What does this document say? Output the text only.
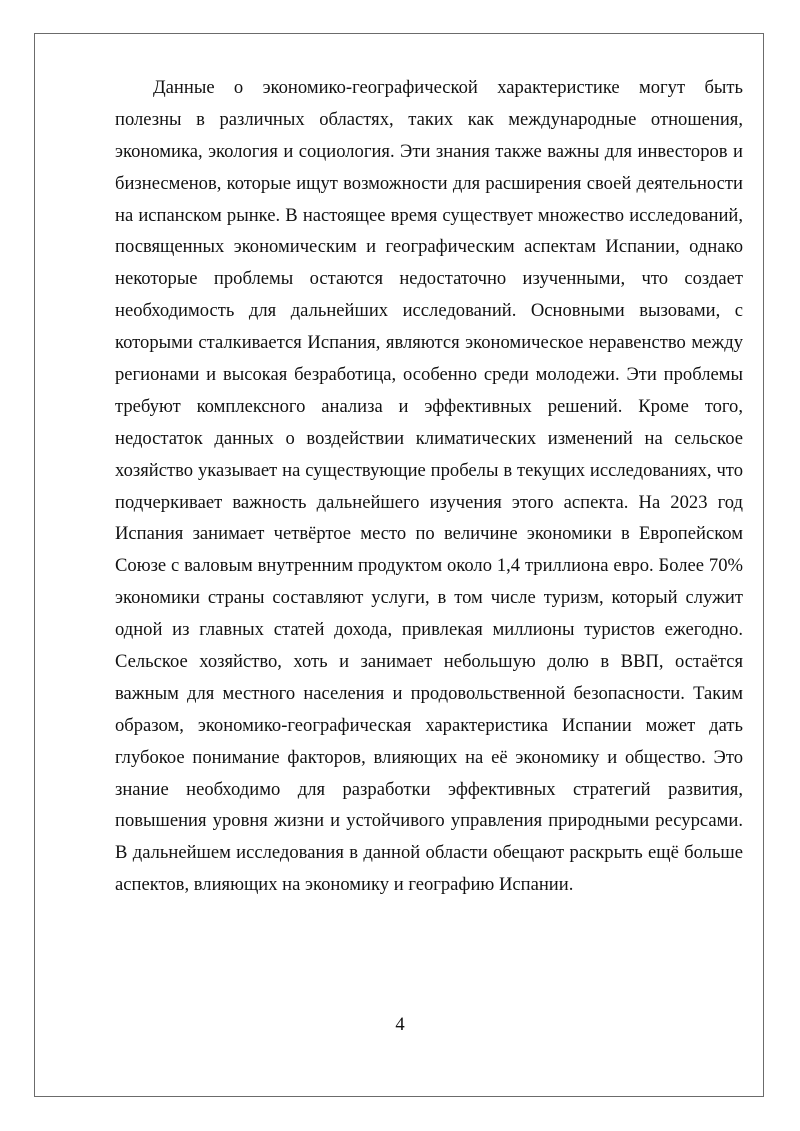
Данные о экономико-географической характеристике могут быть
полезны в различных областях, таких как международные отношения,
экономика, экология и социология. Эти знания также важны для инвесторов и
бизнесменов, которые ищут возможности для расширения своей деятельности
на испанском рынке. В настоящее время существует множество исследований,
посвященных экономическим и географическим аспектам Испании, однако
некоторые проблемы остаются недостаточно изученными, что создает
необходимость для дальнейших исследований. Основными вызовами, с
которыми сталкивается Испания, являются экономическое неравенство между
регионами и высокая безработица, особенно среди молодежи. Эти проблемы
требуют комплексного анализа и эффективных решений. Кроме того,
недостаток данных о воздействии климатических изменений на сельское
хозяйство указывает на существующие пробелы в текущих исследованиях, что
подчеркивает важность дальнейшего изучения этого аспекта. На 2023 год
Испания занимает четвёртое место по величине экономики в Европейском
Союзе с валовым внутренним продуктом около 1,4 триллиона евро. Более 70%
экономики страны составляют услуги, в том числе туризм, который служит
одной из главных статей дохода, привлекая миллионы туристов ежегодно.
Сельское хозяйство, хоть и занимает небольшую долю в ВВП, остаётся
важным для местного населения и продовольственной безопасности. Таким
образом, экономико-географическая характеристика Испании может дать
глубокое понимание факторов, влияющих на её экономику и общество. Это
знание необходимо для разработки эффективных стратегий развития,
повышения уровня жизни и устойчивого управления природными ресурсами.
В дальнейшем исследования в данной области обещают раскрыть ещё больше
аспектов, влияющих на экономику и географию Испании.
4
